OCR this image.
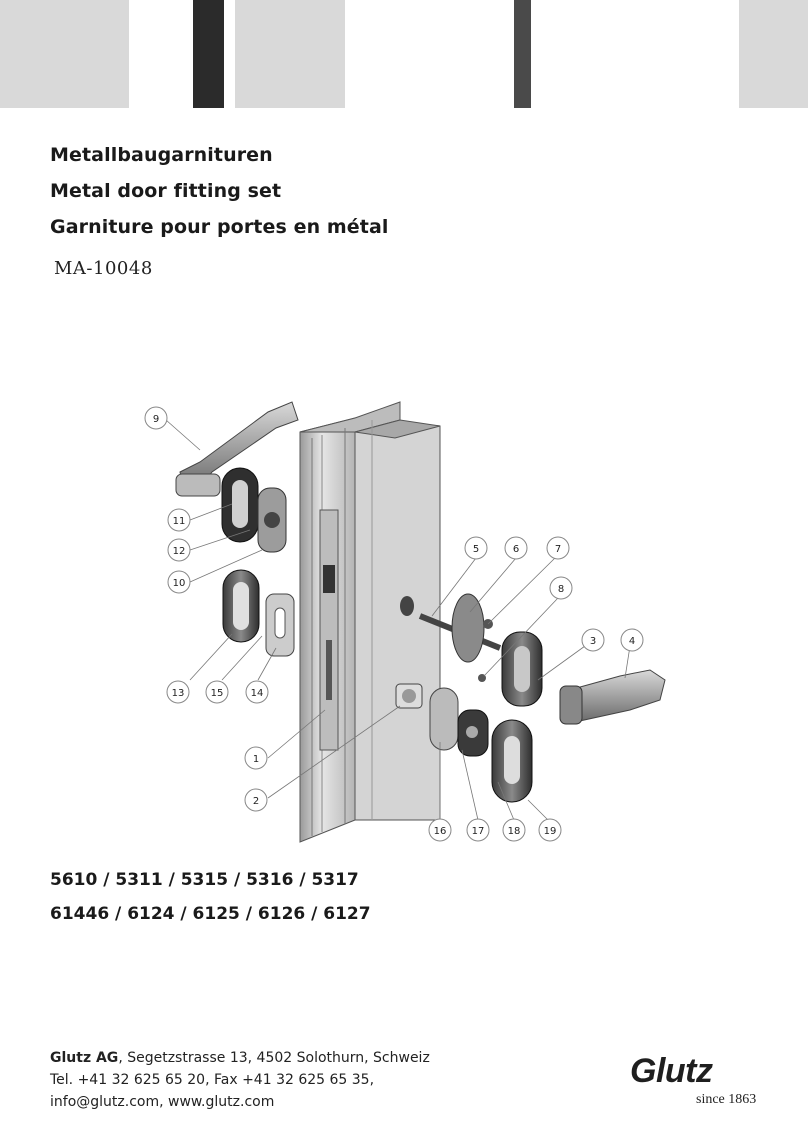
Metallbaugarnituren
Metal door fitting set
Garniture pour portes en métal
MA-10048
9
11
12
10
13	15	14
1
2
5	6	7
8
3	4
16	17 18 19
5610 / 5311 / 5315 / 5316 / 5317
61446 / 6124 / 6125 / 6126 / 6127
Glutz AG, Segetzstrasse 13, 4502 Solothurn, Schweiz
Tel. +41 32 625 65 20, Fax +41 32 625 65 35,
info@glutz.com, www.glutz.com
Glutz
since 1863
